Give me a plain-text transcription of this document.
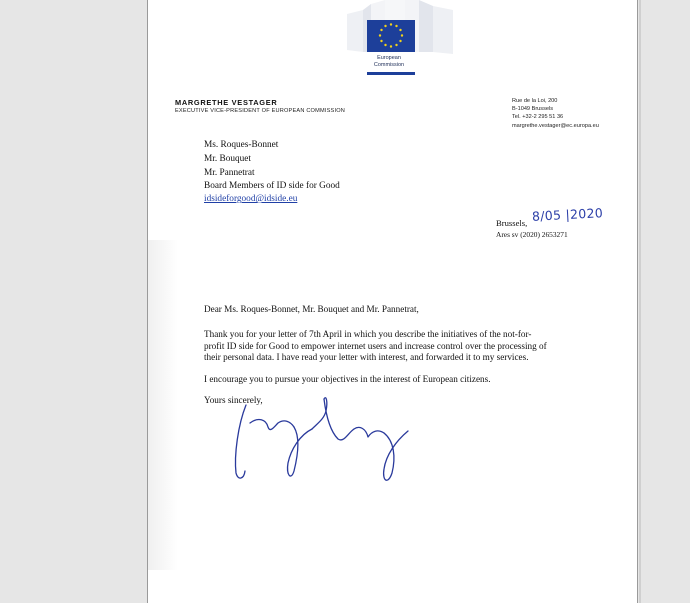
European
Commission
MARGRETHE VESTAGER
EXECUTIVE VICE-PRESIDENT OF EUROPEAN COMMISSION
Rue de la Loi, 200
B-1049 Brussels
Tel. +32-2 295 51 36
margrethe.vestager@ec.europa.eu
Ms. Roques-Bonnet
Mr. Bouquet
Mr. Pannetrat
Board Members of ID side for Good
idsideforgood@idside.eu
8/05 |2020
Brussels,
Ares sv (2020) 2653271

Dear Ms. Roques-Bonnet, Mr. Bouquet and Mr. Pannetrat,

Thank you for your letter of 7th April in which you describe the initiatives of the not-for-
profit ID side for Good to empower internet users and increase control over the processing of
their personal data. I have read your letter with interest, and forwarded it to my services.

I encourage you to pursue your objectives in the interest of European citizens.

Yours sincerely,
